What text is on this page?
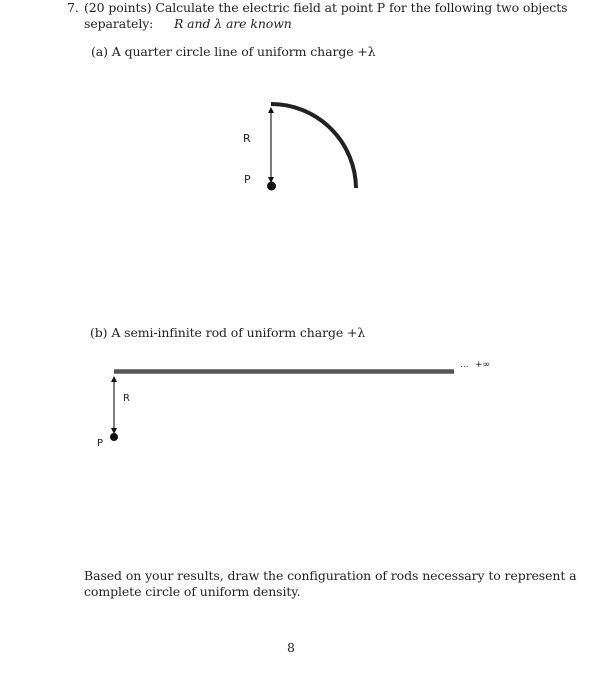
7. (20 points) Calculate the electric field at point P for the following two objects
separately: R and λ are known
(a) A quarter circle line of uniform charge +λ
R
P
(b) A semi-infinite rod of uniform charge +λ
... +∞
R
P
Based on your results, draw the configuration of rods necessary to represent a
complete circle of uniform density.
8
